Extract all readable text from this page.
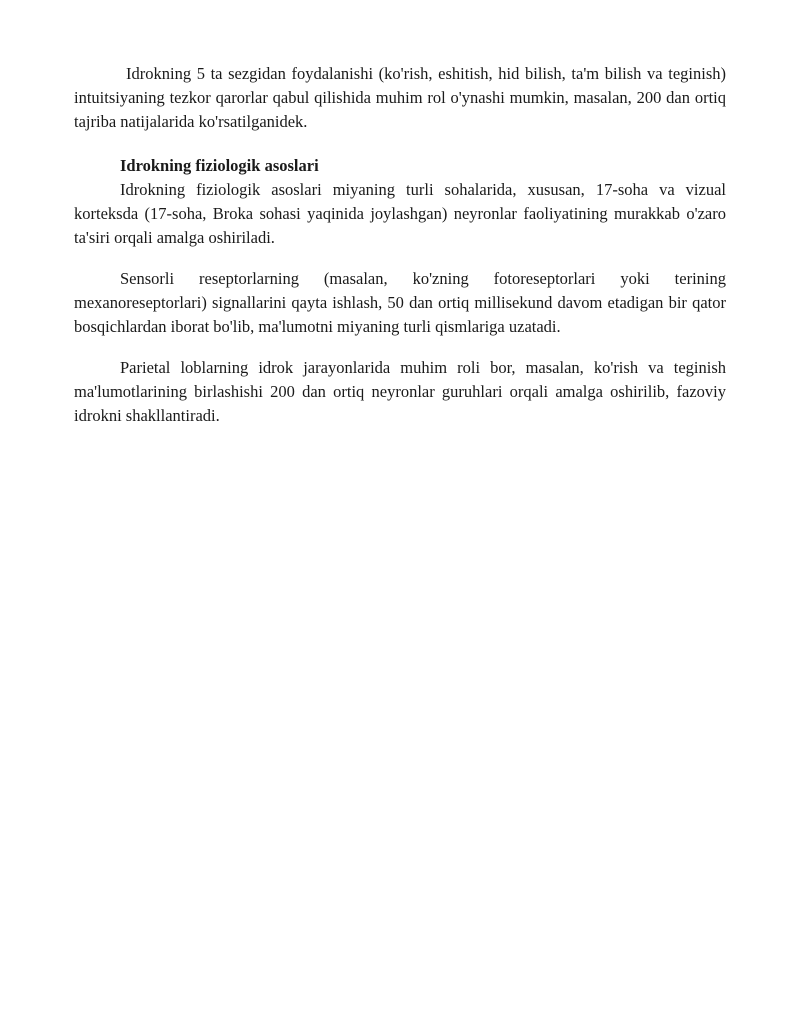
Idrokning 5 ta sezgidan foydalanishi (ko'rish, eshitish, hid bilish, ta'm bilish va teginish) intuitsiyaning tezkor qarorlar qabul qilishida muhim rol o'ynashi mumkin, masalan, 200 dan ortiq tajriba natijalarida ko'rsatilganidek.

Idrokning fiziologik asoslari

Idrokning fiziologik asoslari miyaning turli sohalarida, xususan, 17-soha va vizual korteksda (17-soha, Broka sohasi yaqinida joylashgan) neyronlar faoliyatining murakkab o'zaro ta'siri orqali amalga oshiriladi.

Sensorli reseptorlarning (masalan, ko'zning fotoreseptorlari yoki terining mexanoreseptorlari) signallarini qayta ishlash, 50 dan ortiq millisekund davom etadigan bir qator bosqichlardan iborat bo'lib, ma'lumotni miyaning turli qismlariga uzatadi.

Parietal loblarning idrok jarayonlarida muhim roli bor, masalan, ko'rish va teginish ma'lumotlarining birlashishi 200 dan ortiq neyronlar guruhlari orqali amalga oshirilib, fazoviy idrokni shakllantiradi.
